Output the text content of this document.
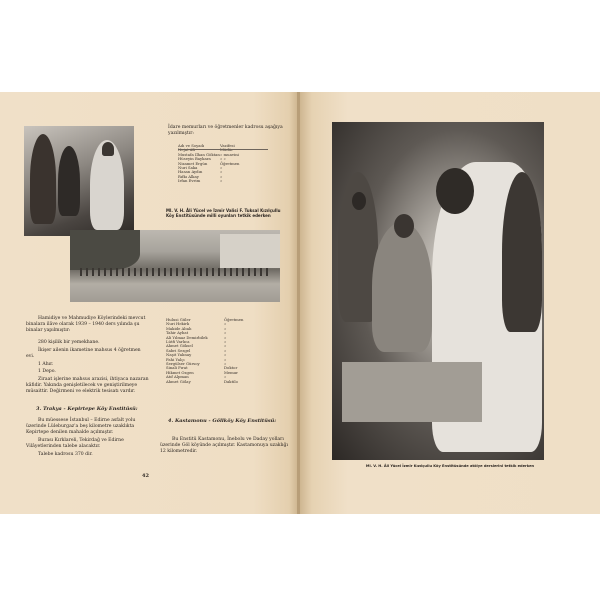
İdare memurları ve öğretmenler kadrosu aşağıya yazılmıştır:
Adı ve Soyadı	Vazifesi
Nejat Ali	Müdür
Mustafa İlhan Göktan » muavini
Hüseyin Baykara	» »
Nizamet Ergün	Öğretmen
Nuri Saka	»
Hasan Aydın	»
Rıfkı Alkay	»
İrfan Evrim	»
Ml. V. H. Âli Yücel ve İzmir Valisi F. Tuksal Kızılçullu Köy Enstitüsünde milli oyunları tetkik ederken
Hamidiye ve Mahmudiye Köylerindeki mevcut binalara ilâve olarak 1939 – 1940 ders yılında şu binalar yapılmıştır:
280 kişilik bir yemekhane.
İkişer ailenin ikametine mahsus 4 öğretmen evi.
1 Ahır.
1 Depo.
Ziraat işlerine mahsus arazisi, ihtiyaca nazaran kâfidir. Yakında genişletilecek ve geniştirilmeye müsaittir. Değirmeni ve elektrik tesisatı vardır.
3. Trakya - Kepirtepe Köy Enstitüsü:
Bu müessese İstanbul – Edirne asfalt yolu üzerinde Lüleburgaz'a beş kilometre uzaklıkta Kepirtepe denilen mahalde açılmıştır.
Burası Kırklareli, Tekirdağ ve Edirne Vilâyetlerinden talebe alacaktır.
Talebe kadrosu 370 dir.
Hulusi Güler	Öğretmen
Nuri Hekirk	»
Makide Abalı	»
Tahir Aybat	»
Ali Yılmaz Demirbilek	»
Lütfi Varlıca	»
Ahmet Göksel	»
Sabri Sezgel	»
Naşit Yalınay	»
Fahi Yalçı	»
Sergülser Gürsoy	»
Sinali Fırat	Doktor
Hikmet Özgen	Memur
Atıf Alpman	»
Ahmet Gölay	Daktilo
4. Kastamonu - Göllköy Köy Enstitüsü:
Bu Enstitü Kastamonu, İnebolu ve Daday yolları üzerinde Göl köyünde açılmıştır. Kastamonuya uzaklığı 12 kilometredir.
42
Ml. V. H. Âli Yücel İzmir Kızılçullu Köy Enstitüsünde atölye derslerini tetkik ederken
